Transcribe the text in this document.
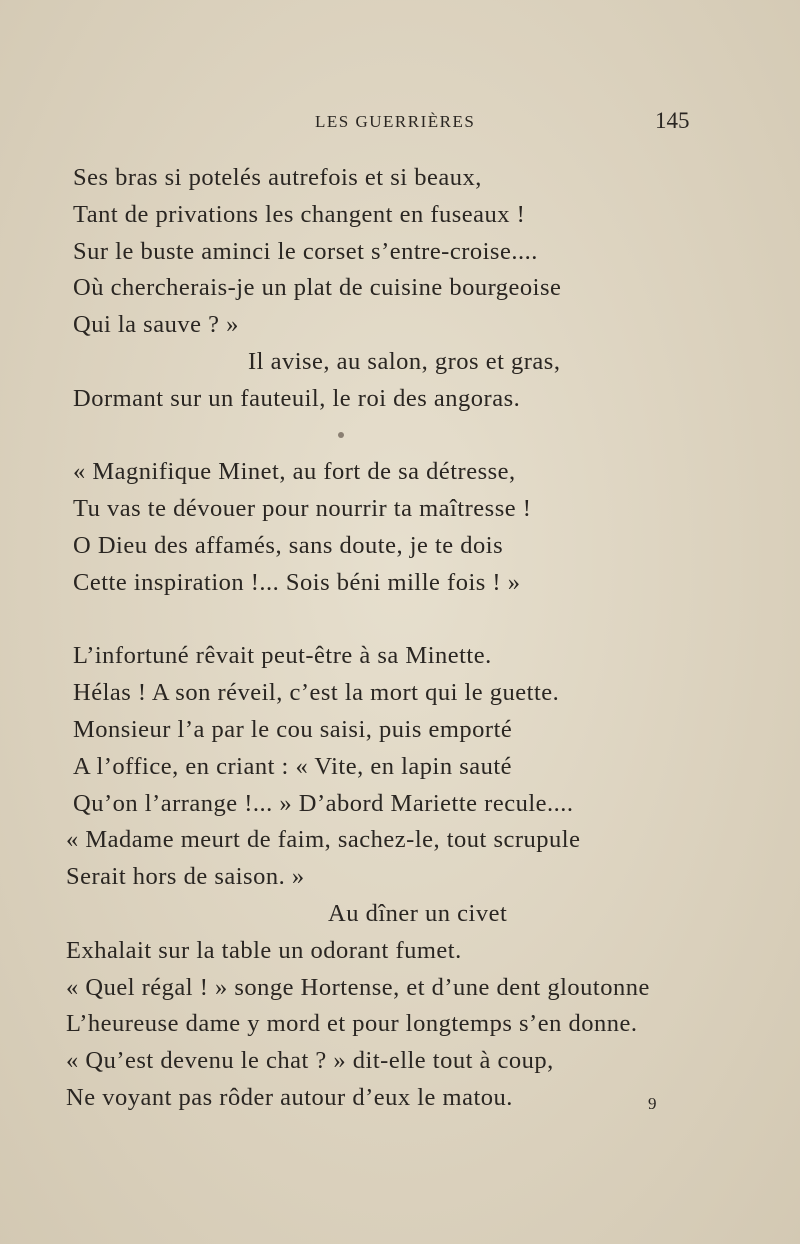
LES GUERRIÈRES	145
Ses bras si potelés autrefois et si beaux,
Tant de privations les changent en fuseaux !
Sur le buste aminci le corset s’entre-croise....
Où chercherais-je un plat de cuisine bourgeoise
Qui la sauve ? »
Il avise, au salon, gros et gras,
Dormant sur un fauteuil, le roi des angoras.
« Magnifique Minet, au fort de sa détresse,
Tu vas te dévouer pour nourrir ta maîtresse !
O Dieu des affamés, sans doute, je te dois
Cette inspiration !... Sois béni mille fois ! »
L’infortuné rêvait peut-être à sa Minette.
Hélas ! A son réveil, c’est la mort qui le guette.
Monsieur l’a par le cou saisi, puis emporté
A l’office, en criant : « Vite, en lapin sauté
Qu’on l’arrange !... » D’abord Mariette recule....
« Madame meurt de faim, sachez-le, tout scrupule
Serait hors de saison. »
Au dîner un civet
Exhalait sur la table un odorant fumet.
« Quel régal ! » songe Hortense, et d’une dent gloutonne
L’heureuse dame y mord et pour longtemps s’en donne.
« Qu’est devenu le chat ? » dit-elle tout à coup,
Ne voyant pas rôder autour d’eux le matou.	9
